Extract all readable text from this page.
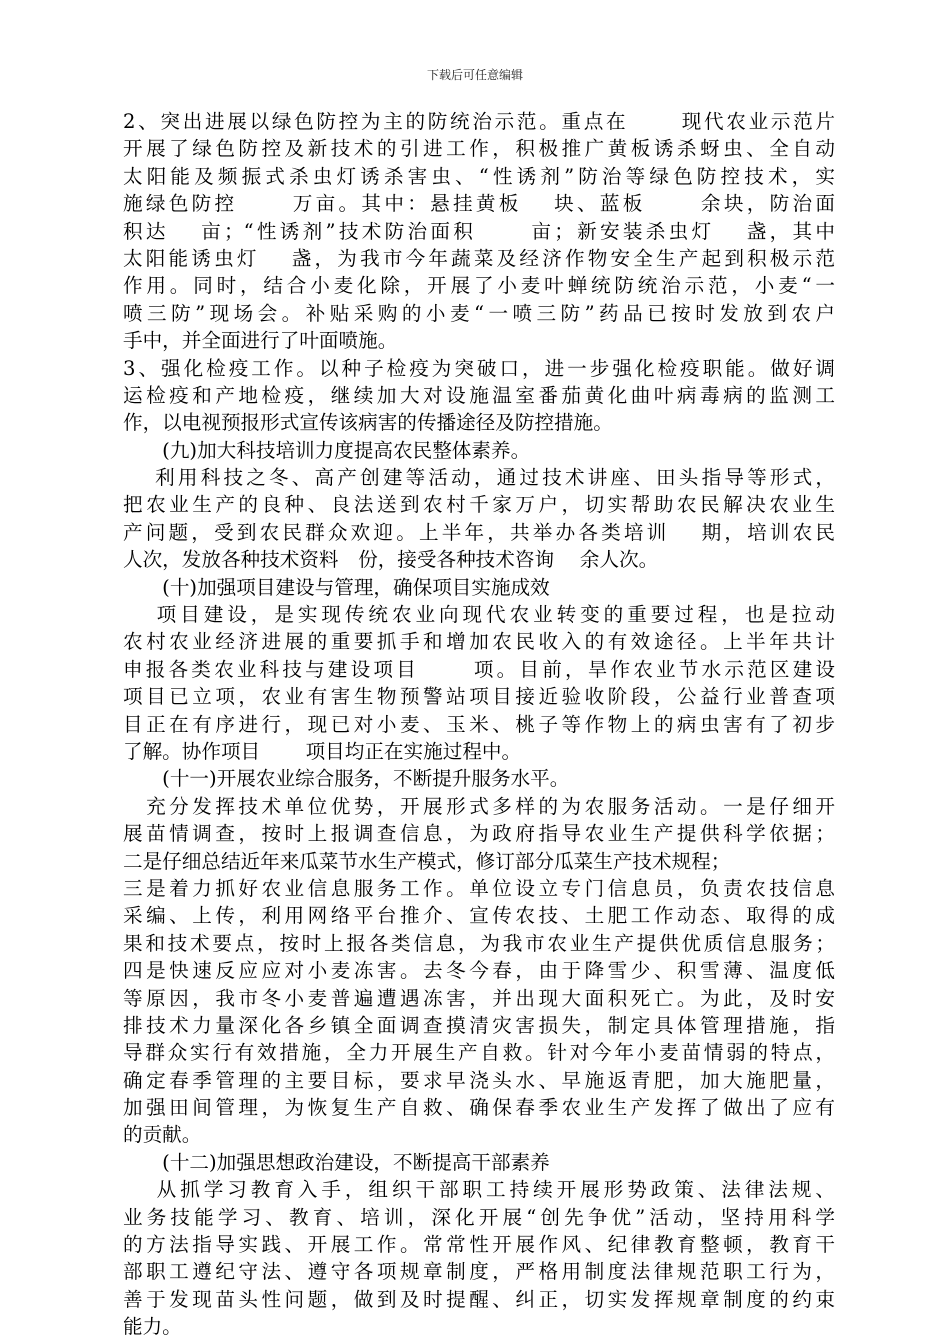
下载后可任意编辑
2、突出进展以绿色防控为主的防统治示范。重点在　　 现代农业示范片
开展了绿色防控及新技术的引进工作，积极推广黄板诱杀蚜虫、全自动
太阳能及频振式杀虫灯诱杀害虫、“性诱剂”防治等绿色防控技术，实
施绿色防控　　 万亩。其中：悬挂黄板　 块、蓝板　　 余块，防治面
积达　 亩；“性诱剂”技术防治面积　　 亩；新安装杀虫灯　 盏，其中
太阳能诱虫灯　 盏，为我市今年蔬菜及经济作物安全生产起到积极示范
作用。同时，结合小麦化除，开展了小麦叶蝉统防统治示范，小麦“一
喷三防”现场会。补贴采购的小麦“一喷三防”药品已按时发放到农户
手中，并全面进行了叶面喷施。
3、强化检疫工作。以种子检疫为突破口，进一步强化检疫职能。做好调
运检疫和产地检疫，继续加大对设施温室番茄黄化曲叶病毒病的监测工
作，以电视预报形式宣传该病害的传播途径及防控措施。
　　(九)加大科技培训力度提高农民整体素养。
　 利用科技之冬、高产创建等活动，通过技术讲座、田头指导等形式，
把农业生产的良种、良法送到农村千家万户，切实帮助农民解决农业生
产问题，受到农民群众欢迎。上半年，共举办各类培训　 期，培训农民
人次，发放各种技术资料　份，接受各种技术咨询　 余人次。
　　(十)加强项目建设与管理，确保项目实施成效
　 项目建设，是实现传统农业向现代农业转变的重要过程，也是拉动
农村农业经济进展的重要抓手和增加农民收入的有效途径。上半年共计
申报各类农业科技与建设项目　　 项。目前，旱作农业节水示范区建设
项目已立项，农业有害生物预警站项目接近验收阶段，公益行业普查项
目正在有序进行，现已对小麦、玉米、桃子等作物上的病虫害有了初步
了解。协作项目　　 项目均正在实施过程中。
　　(十一)开展农业综合服务，不断提升服务水平。
　充分发挥技术单位优势，开展形式多样的为农服务活动。一是仔细开
展苗情调查，按时上报调查信息，为政府指导农业生产提供科学依据；
二是仔细总结近年来瓜菜节水生产模式，修订部分瓜菜生产技术规程；
三是着力抓好农业信息服务工作。单位设立专门信息员，负责农技信息
采编、上传，利用网络平台推介、宣传农技、土肥工作动态、取得的成
果和技术要点，按时上报各类信息，为我市农业生产提供优质信息服务；
四是快速反应应对小麦冻害。去冬今春，由于降雪少、积雪薄、温度低
等原因，我市冬小麦普遍遭遇冻害，并出现大面积死亡。为此，及时安
排技术力量深化各乡镇全面调查摸清灾害损失，制定具体管理措施，指
导群众实行有效措施，全力开展生产自救。针对今年小麦苗情弱的特点，
确定春季管理的主要目标，要求早浇头水、早施返青肥，加大施肥量，
加强田间管理，为恢复生产自救、确保春季农业生产发挥了做出了应有
的贡献。
　　(十二)加强思想政治建设，不断提高干部素养
　 从抓学习教育入手，组织干部职工持续开展形势政策、法律法规、
业务技能学习、教育、培训，深化开展“创先争优”活动，坚持用科学
的方法指导实践、开展工作。常常性开展作风、纪律教育整顿，教育干
部职工遵纪守法、遵守各项规章制度，严格用制度法律规范职工行为，
善于发现苗头性问题，做到及时提醒、纠正，切实发挥规章制度的约束
能力。
